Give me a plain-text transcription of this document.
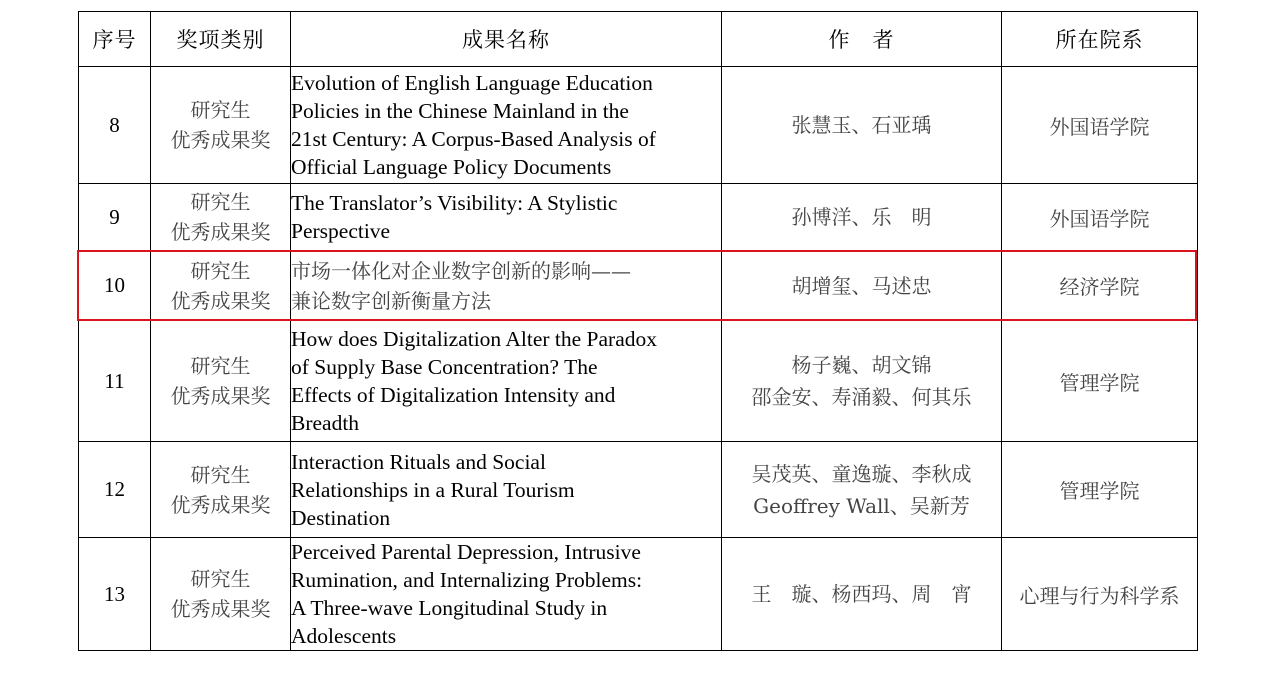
序号	奖项类别	成果名称	作　者	所在院系
8	研究生
优秀成果奖	Evolution of English Language Education
Policies in the Chinese Mainland in the
21st Century: A Corpus-Based Analysis of
Official Language Policy Documents	张慧玉、石亚瑀	外国语学院
9	研究生
优秀成果奖	The Translator’s Visibility: A Stylistic
Perspective	孙博洋、乐　明	外国语学院
10	研究生
优秀成果奖	市场一体化对企业数字创新的影响——
兼论数字创新衡量方法	胡增玺、马述忠	经济学院
11	研究生
优秀成果奖	How does Digitalization Alter the Paradox
of Supply Base Concentration? The
Effects of Digitalization Intensity and
Breadth	杨子巍、胡文锦
邵金安、寿涌毅、何其乐	管理学院
12	研究生
优秀成果奖	Interaction Rituals and Social
Relationships in a Rural Tourism
Destination	吴茂英、童逸璇、李秋成
Geoffrey Wall、吴新芳	管理学院
13	研究生
优秀成果奖	Perceived Parental Depression, Intrusive
Rumination, and Internalizing Problems:
A Three-wave Longitudinal Study in
Adolescents	王　璇、杨西玛、周　宵	心理与行为科学系
